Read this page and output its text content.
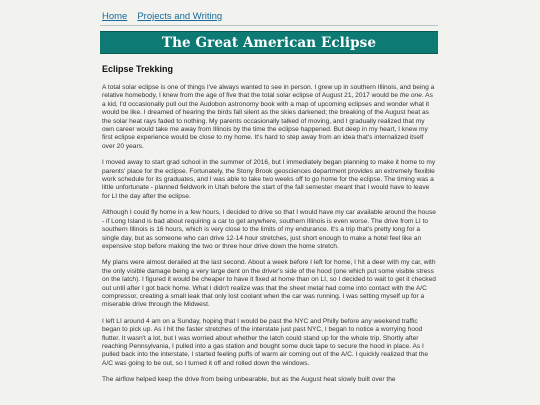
Home Projects and Writing
The Great American Eclipse
Eclipse Trekking

A total solar eclipse is one of things I've always wanted to see in person. I grew up in southern Illinois, and being a relative homebody, I knew from the age of five that the total solar eclipse of August 21, 2017 would be the one. As a kid, I'd occasionally pull out the Audobon astronomy book with a map of upcoming eclipses and wonder what it would be like. I dreamed of hearing the birds fall silent as the skies darkened; the breaking of the August heat as the solar heat rays faded to nothing. My parents occasionally talked of moving, and I gradually realized that my own career would take me away from Illinois by the time the eclipse happened. But deep in my heart, I knew my first eclipse experience would be close to my home. It's hard to step away from an idea that's internalized itself over 20 years.

I moved away to start grad school in the summer of 2016, but I immediately began planning to make it home to my parents' place for the eclipse. Fortunately, the Stony Brook geosciences department provides an extremely flexible work schedule for its graduates, and I was able to take two weeks off to go home for the eclipse. The timing was a little unfortunate - planned fieldwork in Utah before the start of the fall semester meant that I would have to leave for LI the day after the eclipse.

Although I could fly home in a few hours, I decided to drive so that I would have my car available around the house - if Long Island is bad about requiring a car to get anywhere, southern Illinois is even worse. The drive from LI to southern Illinois is 16 hours, which is very close to the limits of my endurance. It's a trip that's pretty long for a single day, but as someone who can drive 12-14 hour stretches, just short enough to make a hotel feel like an expensive stop before making the two or three hour drive down the home stretch.

My plans were almost derailed at the last second. About a week before I left for home, I hit a deer with my car, with the only visible damage being a very large dent on the driver's side of the hood (one which put some visible stress on the latch). I figured it would be cheaper to have it fixed at home than on LI, so I decided to wait to get it checked out until after I got back home. What I didn't realize was that the sheet metal had come into contact with the A/C compressor, creating a small leak that only lost coolant when the car was running. I was setting myself up for a miserable drive through the Midwest.

I left LI around 4 am on a Sunday, hoping that I would be past the NYC and Philly before any weekend traffic began to pick up. As I hit the faster stretches of the interstate just past NYC, I began to notice a worrying hood flutter. It wasn't a lot, but I was worried about whether the latch could stand up for the whole trip. Shortly after reaching Pennsylvania, I pulled into a gas station and bought some duck tape to secure the hood in place. As I pulled back into the interstate, I started feeling puffs of warm air coming out of the A/C. I quickly realized that the A/C was going to be out, so I turned it off and rolled down the windows.

The airflow helped keep the drive from being unbearable, but as the August heat slowly built over the
